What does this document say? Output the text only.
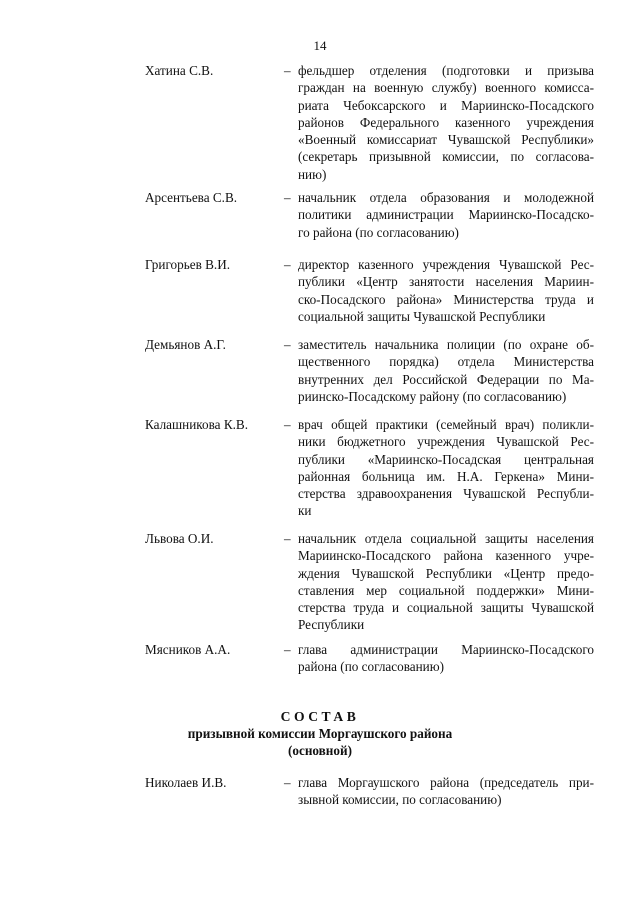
14
Хатина С.В.	– фельдшер отделения (подготовки и призыва
граждан на военную службу) военного комисса-
риата Чебоксарского и Мариинско-Посадского
районов Федерального казенного учреждения
«Военный комиссариат Чувашской Республики»
(секретарь призывной комиссии, по согласова-
нию)
Арсентьева С.В.	– начальник отдела образования и молодежной
политики администрации Мариинско-Посадско-
го района (по согласованию)
Григорьев В.И.	– директор казенного учреждения Чувашской Рес-
публики «Центр занятости населения Мариин-
ско-Посадского района» Министерства труда и
социальной защиты Чувашской Республики
Демьянов А.Г.	– заместитель начальника полиции (по охране об-
щественного порядка) отдела Министерства
внутренних дел Российской Федерации по Ма-
риинско-Посадскому району (по согласованию)
Калашникова К.В.	– врач общей практики (семейный врач) поликли-
ники бюджетного учреждения Чувашской Рес-
публики «Мариинско-Посадская центральная
районная больница им. Н.А. Геркена» Мини-
стерства здравоохранения Чувашской Республи-
ки
Львова О.И.	– начальник отдела социальной защиты населения
Мариинско-Посадского района казенного учре-
ждения Чувашской Республики «Центр предо-
ставления мер социальной поддержки» Мини-
стерства труда и социальной защиты Чувашской
Республики
Мясников А.А.	– глава администрации Мариинско-Посадского
района (по согласованию)
СОСТАВ
призывной комиссии Моргаушского района
(основной)
Николаев И.В.	– глава Моргаушского района (председатель при-
зывной комиссии, по согласованию)
